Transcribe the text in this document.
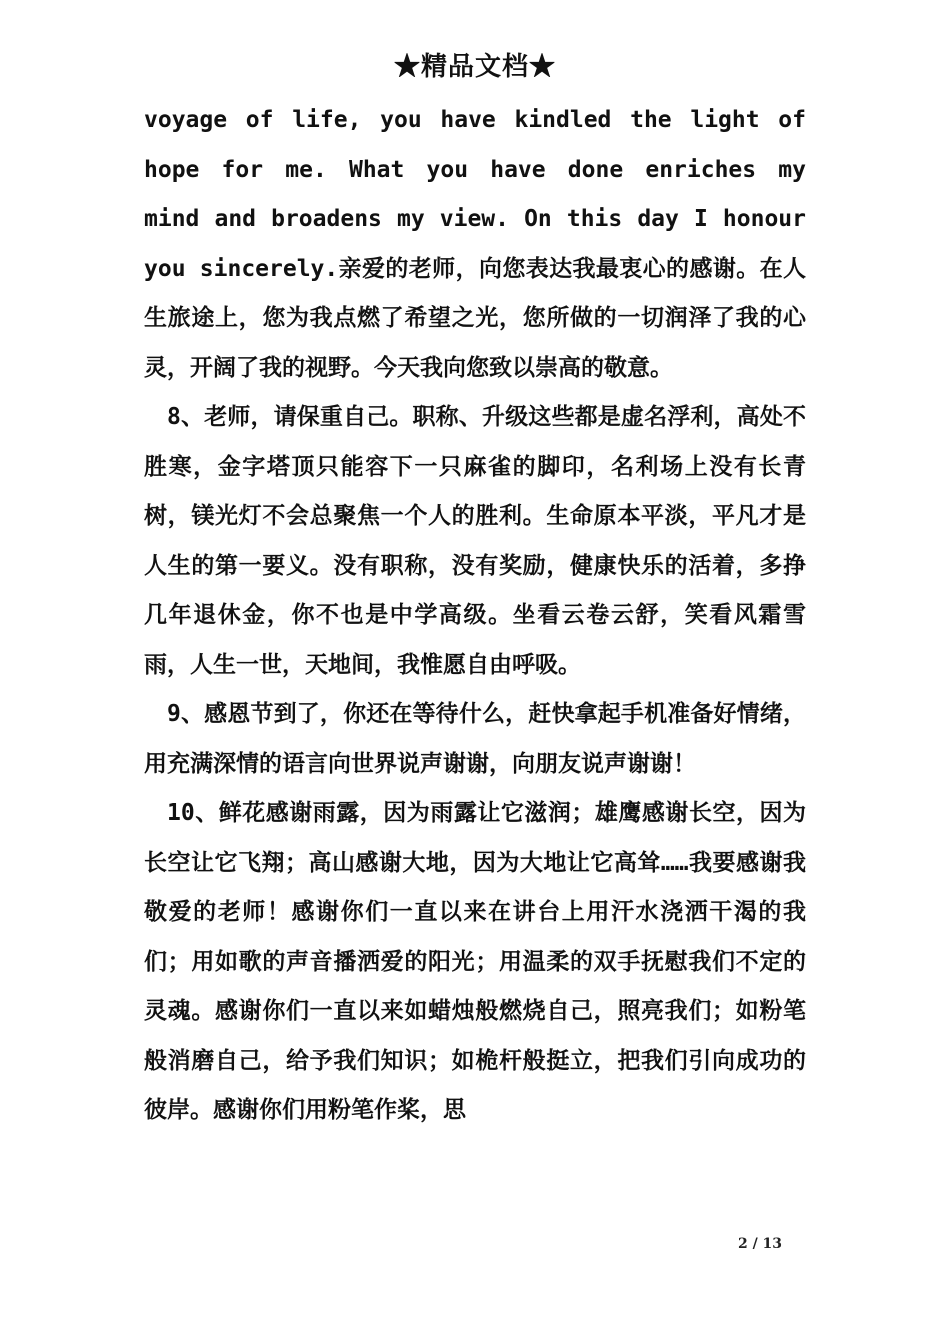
★精品文档★

voyage of life, you have kindled the light of hope for me. What you have done enriches my mind and broadens my view. On this day I honour you sincerely.亲爱的老师，向您表达我最衷心的感谢。在人生旅途上，您为我点燃了希望之光，您所做的一切润泽了我的心灵，开阔了我的视野。今天我向您致以崇高的敬意。

8、老师，请保重自己。职称、升级这些都是虚名浮利，高处不胜寒，金字塔顶只能容下一只麻雀的脚印，名利场上没有长青树，镁光灯不会总聚焦一个人的胜利。生命原本平淡，平凡才是人生的第一要义。没有职称，没有奖励，健康快乐的活着，多挣几年退休金，你不也是中学高级。坐看云卷云舒，笑看风霜雪雨，人生一世，天地间，我惟愿自由呼吸。

9、感恩节到了，你还在等待什么，赶快拿起手机准备好情绪，用充满深情的语言向世界说声谢谢，向朋友说声谢谢！

10、鲜花感谢雨露，因为雨露让它滋润；雄鹰感谢长空，因为长空让它飞翔；高山感谢大地，因为大地让它高耸……我要感谢我敬爱的老师！感谢你们一直以来在讲台上用汗水浇洒干渴的我们；用如歌的声音播洒爱的阳光；用温柔的双手抚慰我们不定的灵魂。感谢你们一直以来如蜡烛般燃烧自己，照亮我们；如粉笔般消磨自己，给予我们知识；如桅杆般挺立，把我们引向成功的彼岸。感谢你们用粉笔作桨，思

2 / 13
